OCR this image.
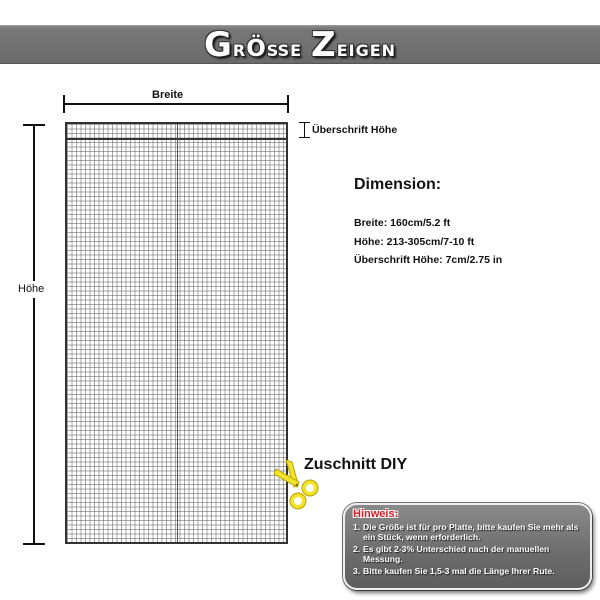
GrÖße Zeigen
Breite
Höhe
Überschrift Höhe
Dimension:
Breite: 160cm/5.2 ft
Höhe: 213-305cm/7-10 ft
Überschrift Höhe: 7cm/2.75 in
Zuschnitt DIY
Hinweis:
1. Die Größe ist für pro Platte, bitte kaufen Sie mehr als ein Stück, wenn erforderlich.
2. Es gibt 2-3% Unterschied nach der manuellen Messung.
3. Bitte kaufen Sie 1,5-3 mal die Länge Ihrer Rute.
